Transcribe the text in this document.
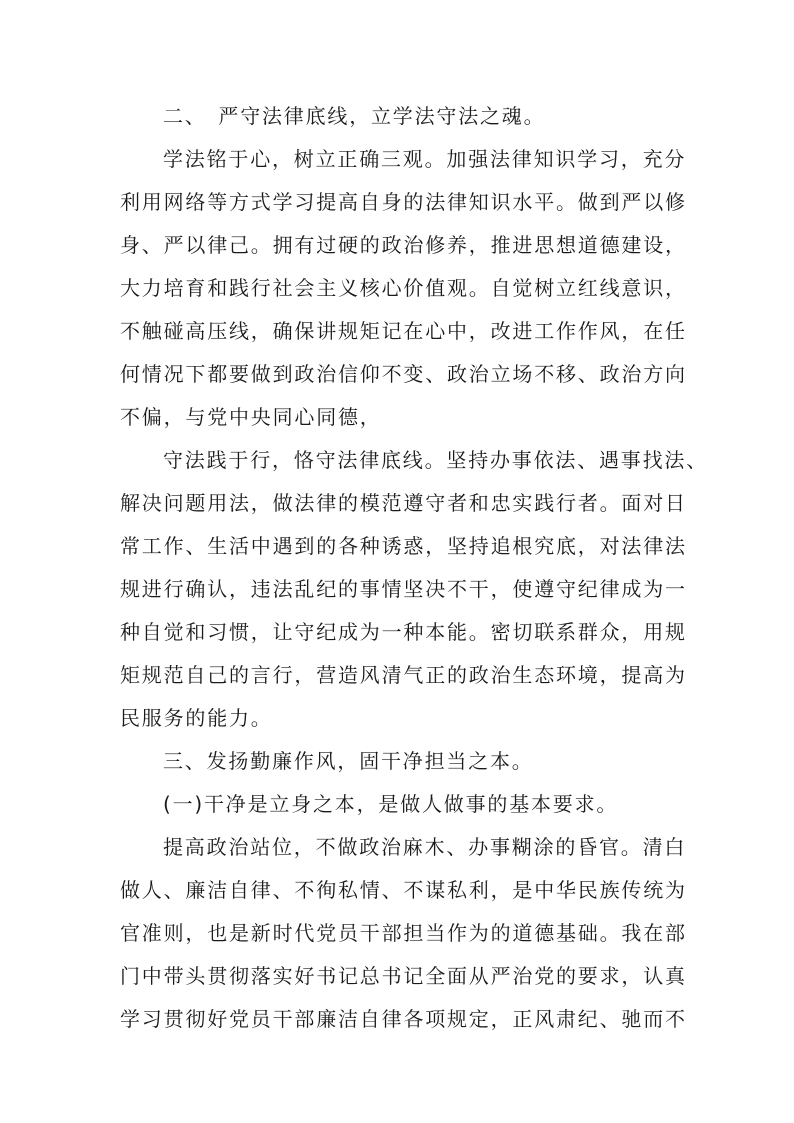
二、　严守法律底线，立学法守法之魂。
学法铭于心，树立正确三观。加强法律知识学习，充分
利用网络等方式学习提高自身的法律知识水平。做到严以修
身、严以律己。拥有过硬的政治修养，推进思想道德建设，
大力培育和践行社会主义核心价值观。自觉树立红线意识，
不触碰高压线，确保讲规矩记在心中，改进工作作风，在任
何情况下都要做到政治信仰不变、政治立场不移、政治方向
不偏，与党中央同心同德，
守法践于行，恪守法律底线。坚持办事依法、遇事找法、
解决问题用法，做法律的模范遵守者和忠实践行者。面对日
常工作、生活中遇到的各种诱惑，坚持追根究底，对法律法
规进行确认，违法乱纪的事情坚决不干，使遵守纪律成为一
种自觉和习惯，让守纪成为一种本能。密切联系群众，用规
矩规范自己的言行，营造风清气正的政治生态环境，提高为
民服务的能力。
三、发扬勤廉作风，固干净担当之本。
(一)干净是立身之本，是做人做事的基本要求。
提高政治站位，不做政治麻木、办事糊涂的昏官。清白
做人、廉洁自律、不徇私情、不谋私利，是中华民族传统为
官准则，也是新时代党员干部担当作为的道德基础。我在部
门中带头贯彻落实好书记总书记全面从严治党的要求，认真
学习贯彻好党员干部廉洁自律各项规定，正风肃纪、驰而不
